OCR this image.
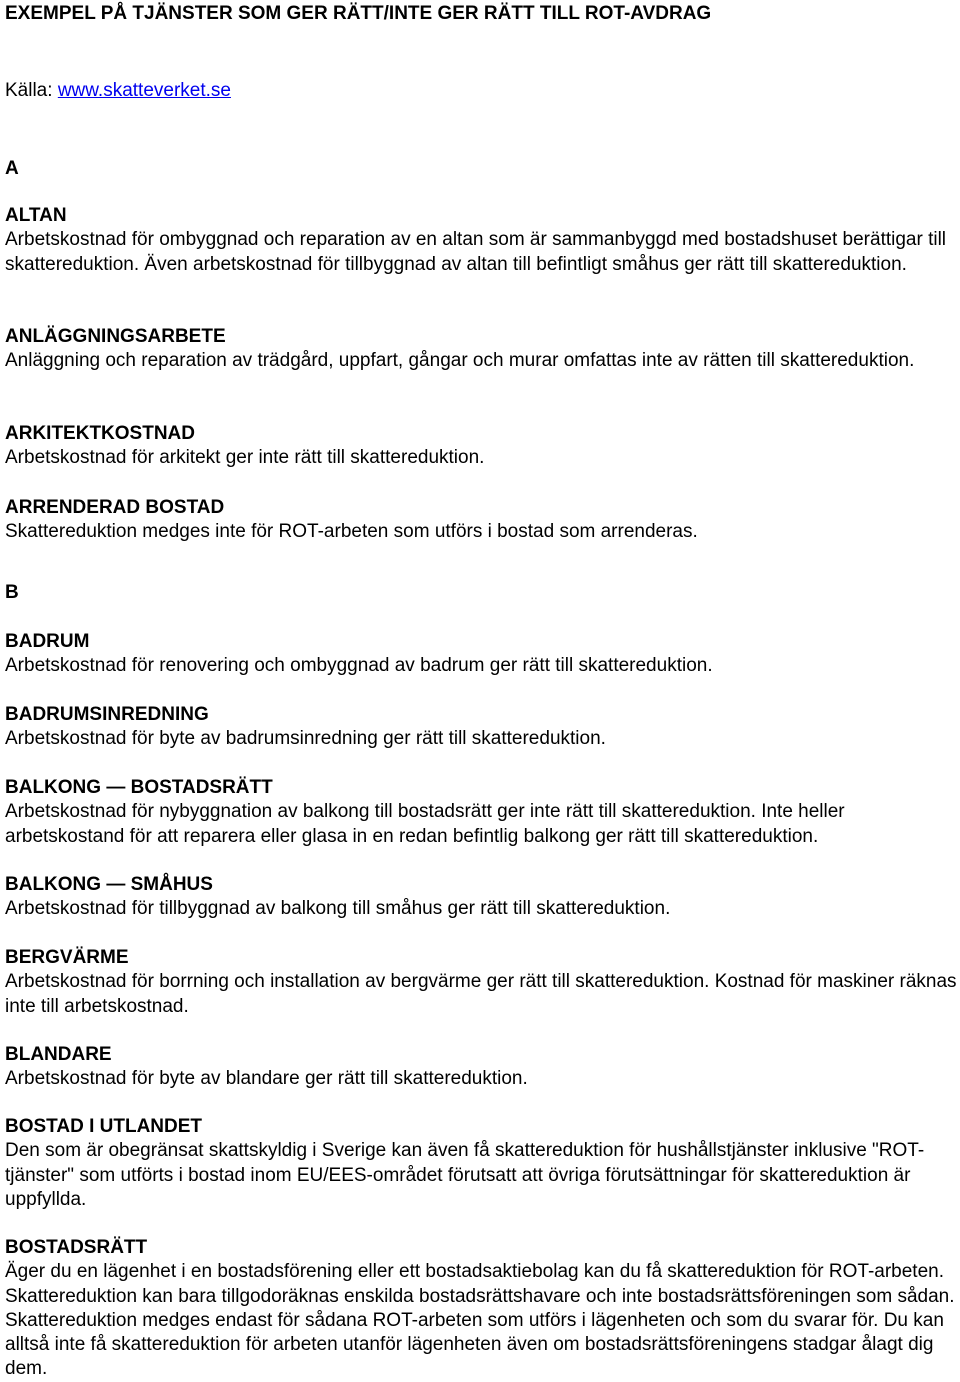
EXEMPEL PÅ TJÄNSTER SOM GER RÄTT/INTE GER RÄTT TILL ROT-AVDRAG

Källa: www.skatteverket.se

A

ALTAN

Arbetskostnad för ombyggnad och reparation av en altan som är sammanbyggd med bostadshuset berättigar till skattereduktion. Även arbetskostnad för tillbyggnad av altan till befintligt småhus ger rätt till skattereduktion.

ANLÄGGNINGSARBETE

Anläggning och reparation av trädgård, uppfart, gångar och murar omfattas inte av rätten till skattereduktion.

ARKITEKTKOSTNAD

Arbetskostnad för arkitekt ger inte rätt till skattereduktion.

ARRENDERAD BOSTAD

Skattereduktion medges inte för ROT-arbeten som utförs i bostad som arrenderas.

B

BADRUM

Arbetskostnad för renovering och ombyggnad av badrum ger rätt till skattereduktion.

BADRUMSINREDNING

Arbetskostnad för byte av badrumsinredning ger rätt till skattereduktion.

BALKONG — BOSTADSRÄTT

Arbetskostnad för nybyggnation av balkong till bostadsrätt ger inte rätt till skattereduktion. Inte heller arbetskostand för att reparera eller glasa in en redan befintlig balkong ger rätt till skattereduktion.

BALKONG — SMÅHUS

Arbetskostnad för tillbyggnad av balkong till småhus ger rätt till skattereduktion.

BERGVÄRME

Arbetskostnad för borrning och installation av bergvärme ger rätt till skattereduktion. Kostnad för maskiner räknas inte till arbetskostnad.

BLANDARE

Arbetskostnad för byte av blandare ger rätt till skattereduktion.

BOSTAD I UTLANDET

Den som är obegränsat skattskyldig i Sverige kan även få skattereduktion för hushållstjänster inklusive "ROT-tjänster" som utförts i bostad inom EU/EES-området förutsatt att övriga förutsättningar för skattereduktion är uppfyllda.

BOSTADSRÄTT

Äger du en lägenhet i en bostadsförening eller ett bostadsaktiebolag kan du få skattereduktion för ROT-arbeten. Skattereduktion kan bara tillgodoräknas enskilda bostadsrättshavare och inte bostadsrättsföreningen som sådan. Skattereduktion medges endast för sådana ROT-arbeten som utförs i lägenheten och som du svarar för. Du kan alltså inte få skattereduktion för arbeten utanför lägenheten även om bostadsrättsföreningens stadgar ålagt dig dem.
